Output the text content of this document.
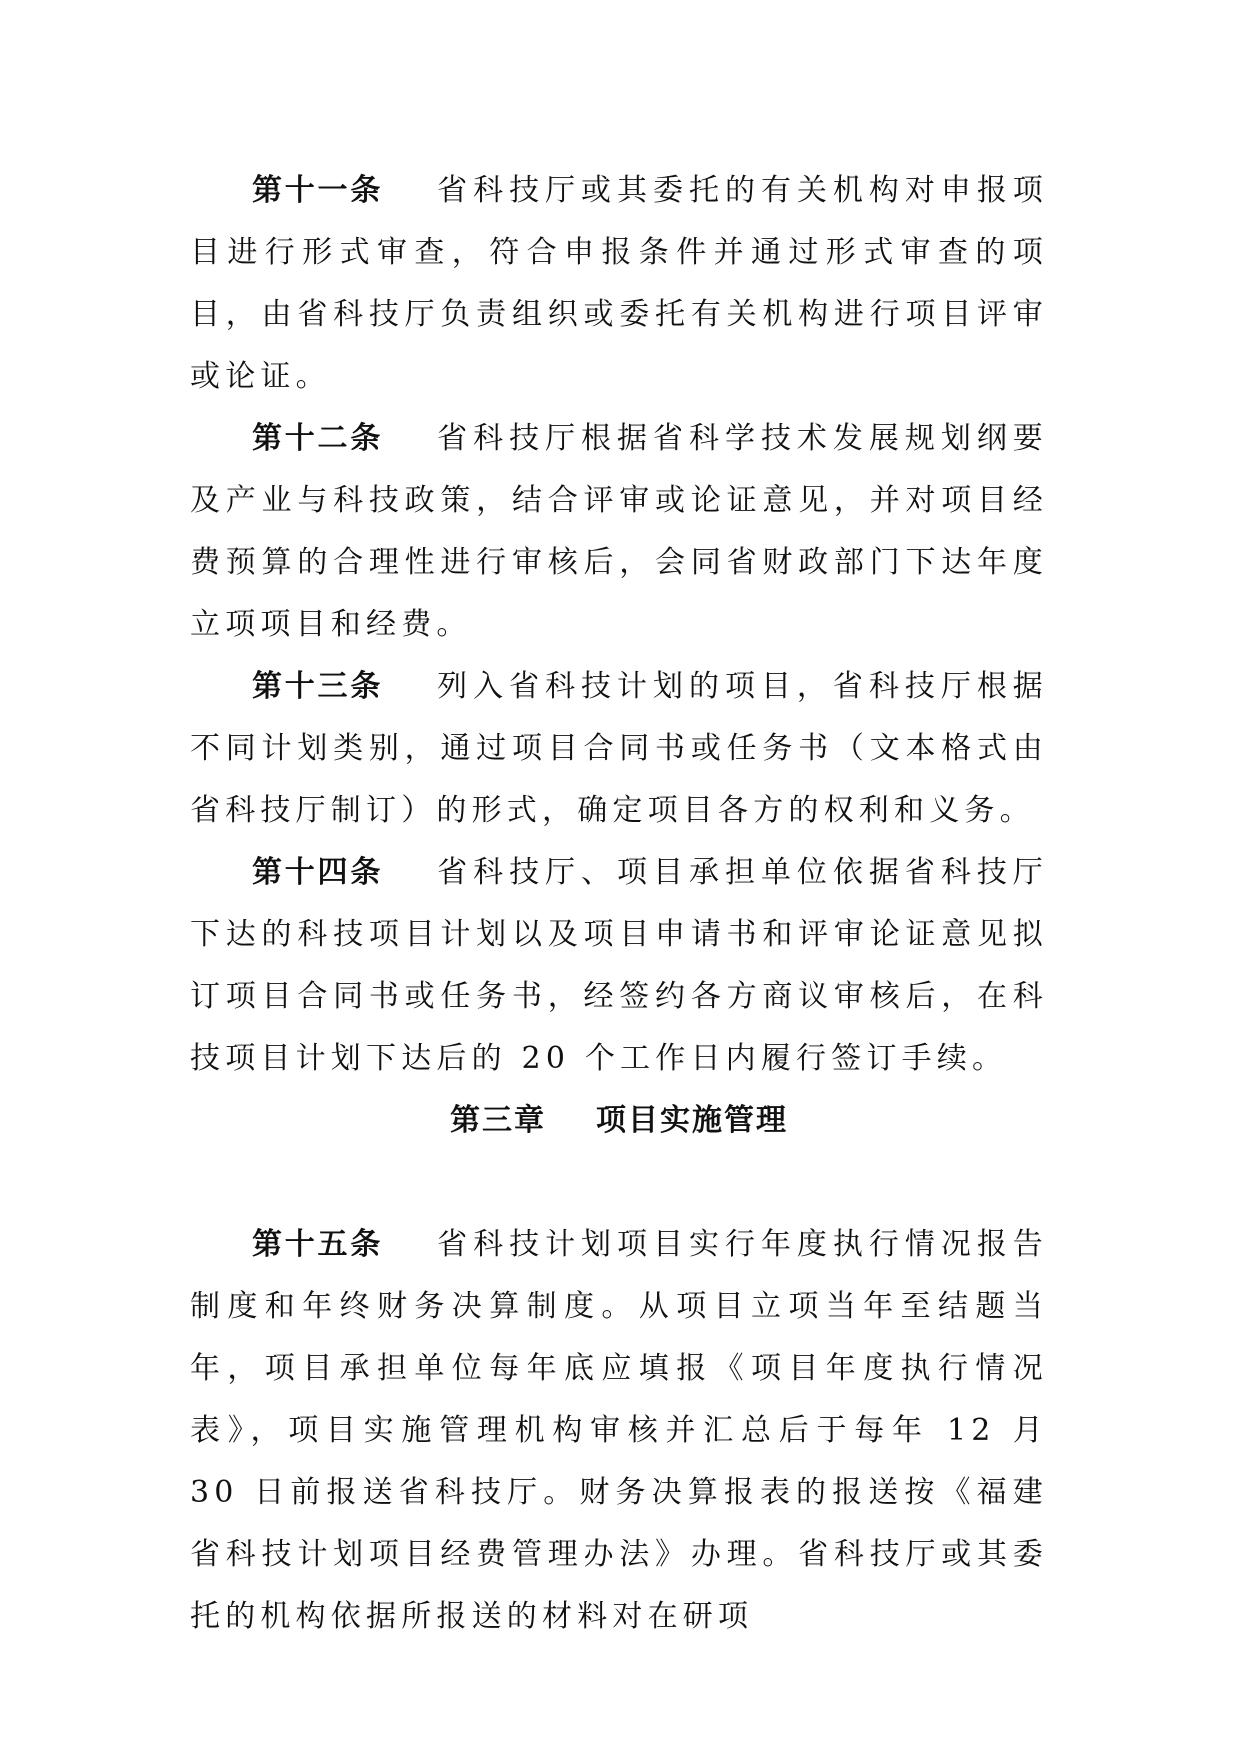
第十一条 省科技厅或其委托的有关机构对申报项目进行形式审查，符合申报条件并通过形式审查的项目，由省科技厅负责组织或委托有关机构进行项目评审或论证。

第十二条 省科技厅根据省科学技术发展规划纲要及产业与科技政策，结合评审或论证意见，并对项目经费预算的合理性进行审核后，会同省财政部门下达年度立项项目和经费。

第十三条 列入省科技计划的项目，省科技厅根据不同计划类别，通过项目合同书或任务书（文本格式由省科技厅制订）的形式，确定项目各方的权利和义务。

第十四条 省科技厅、项目承担单位依据省科技厅下达的科技项目计划以及项目申请书和评审论证意见拟订项目合同书或任务书，经签约各方商议审核后，在科技项目计划下达后的 20 个工作日内履行签订手续。

第三章 项目实施管理

第十五条 省科技计划项目实行年度执行情况报告制度和年终财务决算制度。从项目立项当年至结题当年，项目承担单位每年底应填报《项目年度执行情况表》，项目实施管理机构审核并汇总后于每年 12 月 30 日前报送省科技厅。财务决算报表的报送按《福建省科技计划项目经费管理办法》办理。省科技厅或其委托的机构依据所报送的材料对在研项
